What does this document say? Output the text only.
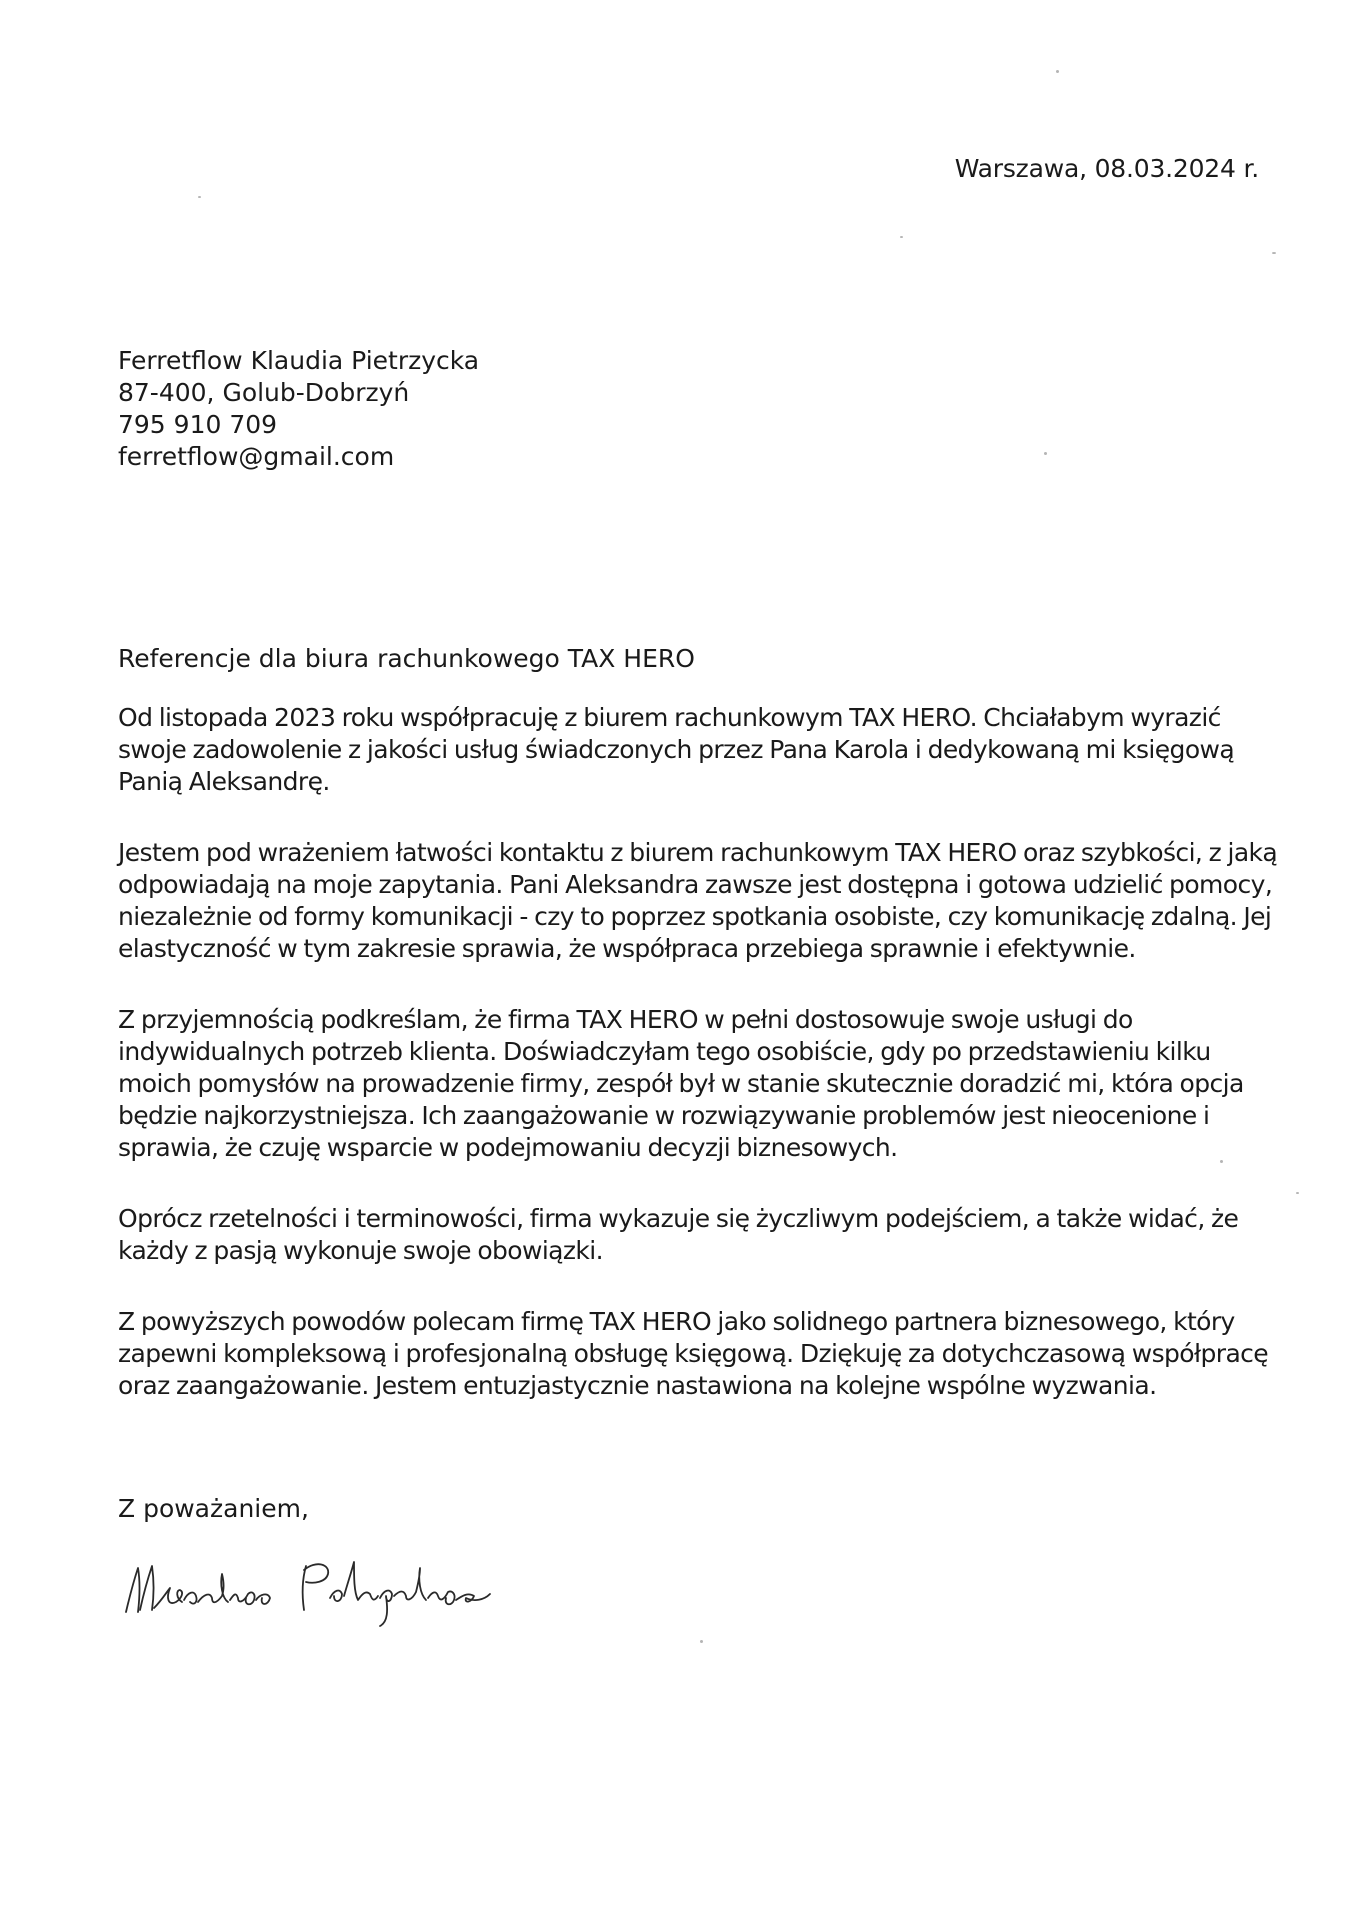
Warszawa, 08.03.2024 r.
Ferretflow Klaudia Pietrzycka
87-400, Golub-Dobrzyń
795 910 709
ferretflow@gmail.com
Referencje dla biura rachunkowego TAX HERO

Od listopada 2023 roku współpracuję z biurem rachunkowym TAX HERO. Chciałabym wyrazić swoje zadowolenie z jakości usług świadczonych przez Pana Karola i dedykowaną mi księgową Panią Aleksandrę.

Jestem pod wrażeniem łatwości kontaktu z biurem rachunkowym TAX HERO oraz szybkości, z jaką odpowiadają na moje zapytania. Pani Aleksandra zawsze jest dostępna i gotowa udzielić pomocy, niezależnie od formy komunikacji - czy to poprzez spotkania osobiste, czy komunikację zdalną. Jej elastyczność w tym zakresie sprawia, że współpraca przebiega sprawnie i efektywnie.

Z przyjemnością podkreślam, że firma TAX HERO w pełni dostosowuje swoje usługi do indywidualnych potrzeb klienta. Doświadczyłam tego osobiście, gdy po przedstawieniu kilku moich pomysłów na prowadzenie firmy, zespół był w stanie skutecznie doradzić mi, która opcja będzie najkorzystniejsza. Ich zaangażowanie w rozwiązywanie problemów jest nieocenione i sprawia, że czuję wsparcie w podejmowaniu decyzji biznesowych.

Oprócz rzetelności i terminowości, firma wykazuje się życzliwym podejściem, a także widać, że każdy z pasją wykonuje swoje obowiązki.

Z powyższych powodów polecam firmę TAX HERO jako solidnego partnera biznesowego, który zapewni kompleksową i profesjonalną obsługę księgową. Dziękuję za dotychczasową współpracę oraz zaangażowanie. Jestem entuzjastycznie nastawiona na kolejne wspólne wyzwania.

Z poważaniem,
